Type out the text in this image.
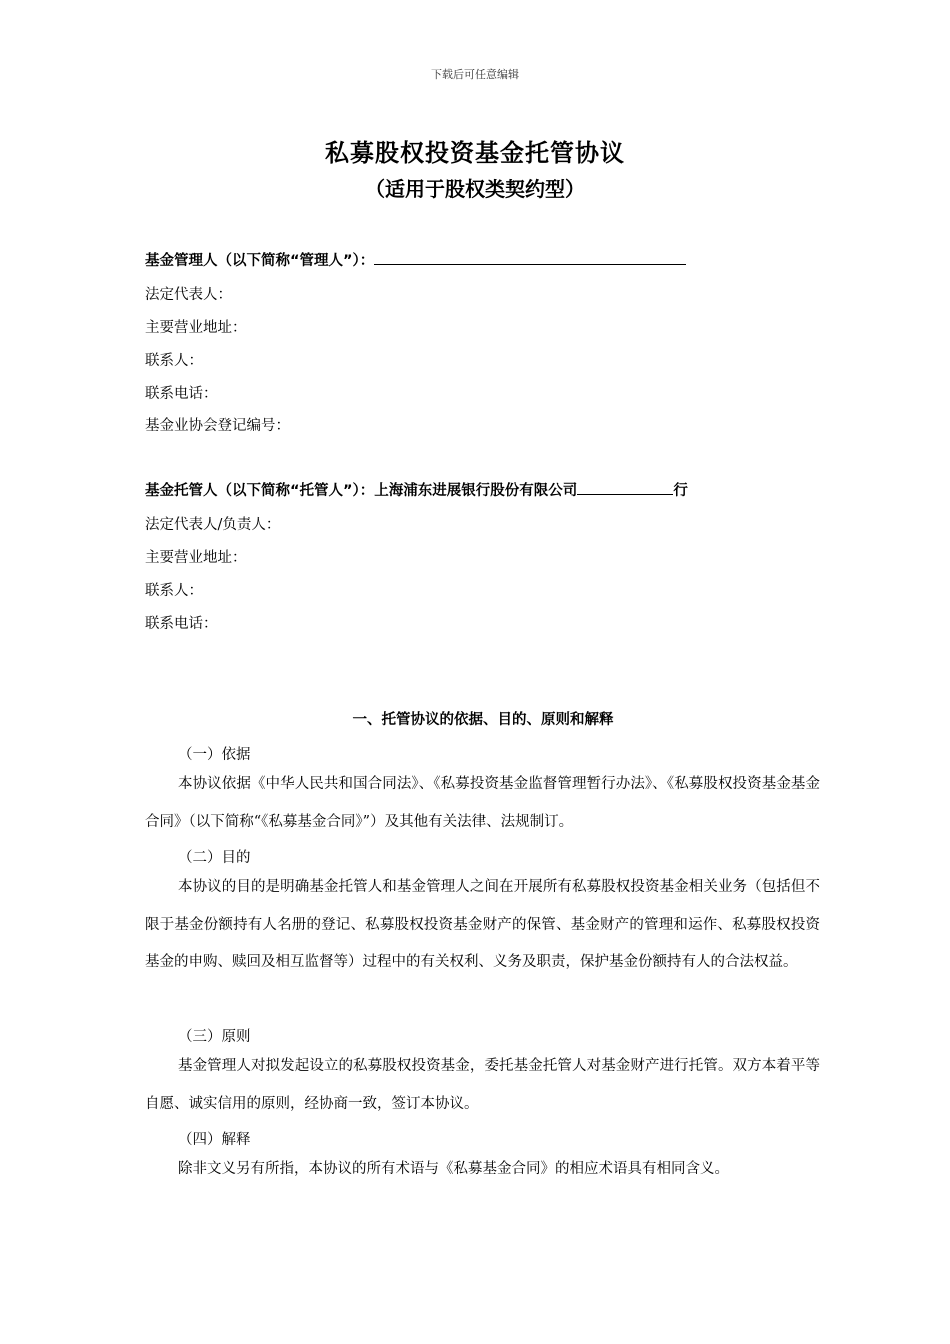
下载后可任意编辑
私募股权投资基金托管协议
（适用于股权类契约型）
基金管理人（以下简称“管理人”）：
法定代表人：
主要营业地址：
联系人：
联系电话：
基金业协会登记编号：
基金托管人（以下简称“托管人”）：上海浦东进展银行股份有限公司	行
法定代表人/负责人：
主要营业地址：
联系人：
联系电话：
一、托管协议的依据、目的、原则和解释
（一）依据
本协议依据《中华人民共和国合同法》、《私募投资基金监督管理暂行办法》、《私募股权投资基金基金合同》（以下简称“《私募基金合同》”）及其他有关法律、法规制订。
（二）目的
本协议的目的是明确基金托管人和基金管理人之间在开展所有私募股权投资基金相关业务（包括但不限于基金份额持有人名册的登记、私募股权投资基金财产的保管、基金财产的管理和运作、私募股权投资基金的申购、赎回及相互监督等）过程中的有关权利、义务及职责，保护基金份额持有人的合法权益。
（三）原则
基金管理人对拟发起设立的私募股权投资基金，委托基金托管人对基金财产进行托管。双方本着平等自愿、诚实信用的原则，经协商一致，签订本协议。
（四）解释
除非文义另有所指，本协议的所有术语与《私募基金合同》的相应术语具有相同含义。
